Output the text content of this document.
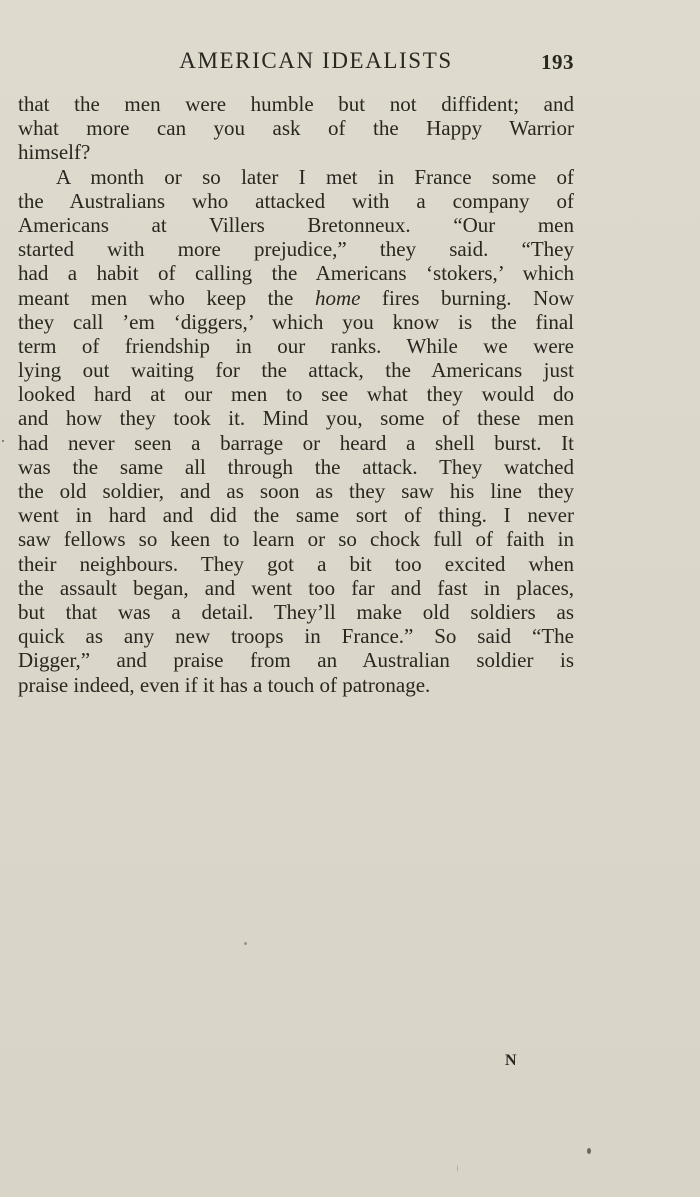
AMERICAN IDEALISTS	193
that the men were humble but not diffident; and
what more can you ask of the Happy Warrior
himself?
A month or so later I met in France some of
the Australians who attacked with a company of
Americans at Villers Bretonneux. “Our men
started with more prejudice,” they said. “They
had a habit of calling the Americans ‘stokers,’ which
meant men who keep the home fires burning. Now
they call ’em ‘diggers,’ which you know is the final
term of friendship in our ranks. While we were
lying out waiting for the attack, the Americans just
looked hard at our men to see what they would do
and how they took it. Mind you, some of these men
had never seen a barrage or heard a shell burst. It
was the same all through the attack. They watched
the old soldier, and as soon as they saw his line they
went in hard and did the same sort of thing. I never
saw fellows so keen to learn or so chock full of faith in
their neighbours. They got a bit too excited when
the assault began, and went too far and fast in places,
but that was a detail. They’ll make old soldiers as
quick as any new troops in France.” So said “The
Digger,” and praise from an Australian soldier is
praise indeed, even if it has a touch of patronage.
N
